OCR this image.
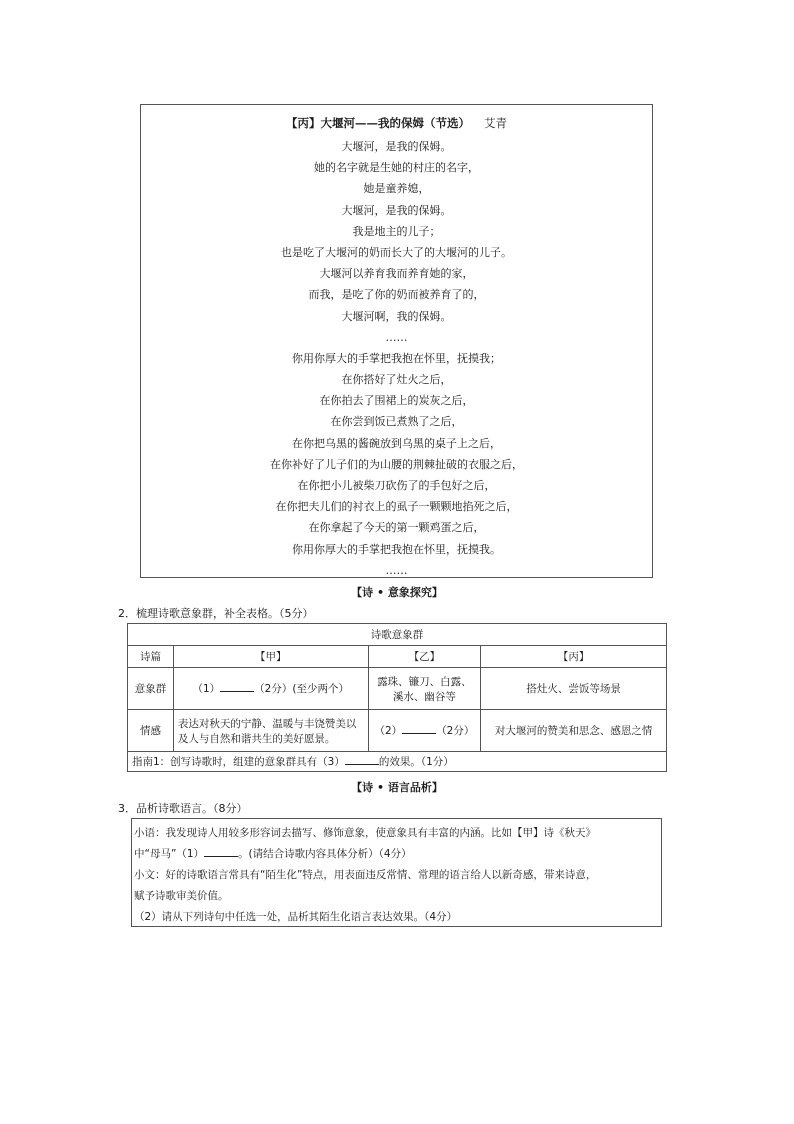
【丙】大堰河——我的保姆（节选） 艾青
大堰河，是我的保姆。
她的名字就是生她的村庄的名字，
她是童养媳，
大堰河，是我的保姆。
我是地主的儿子；
也是吃了大堰河的奶而长大了的大堰河的儿子。
大堰河以养育我而养育她的家，
而我，是吃了你的奶而被养育了的，
大堰河啊，我的保姆。
……
你用你厚大的手掌把我抱在怀里，抚摸我；
在你搭好了灶火之后，
在你拍去了围裙上的炭灰之后，
在你尝到饭已煮熟了之后，
在你把乌黑的酱碗放到乌黑的桌子上之后，
在你补好了儿子们的为山腰的荆棘扯破的衣服之后，
在你把小儿被柴刀砍伤了的手包好之后，
在你把夫儿们的衬衣上的虱子一颗颗地掐死之后，
在你拿起了今天的第一颗鸡蛋之后，
你用你厚大的手掌把我抱在怀里，抚摸我。
……
【诗 • 意象探究】
2．梳理诗歌意象群，补全表格。（5分）
诗歌意象群			
诗篇	【甲】	【乙】	【丙】
意象群	（1） （2分）(至少两个）	露珠、镰刀、白露、溪水、幽谷等	搭灶火、尝饭等场景
情感	表达对秋天的宁静、温暖与丰饶赞美以及人与自然和谐共生的美好愿景。	（2） （2分）	对大堰河的赞美和思念、感恩之情
指南1：创写诗歌时，组建的意象群具有（3） 的效果。（1分）			
【诗 • 语言品析】
3．品析诗歌语言。（8分）

小语：我发现诗人用较多形容词去描写、修饰意象，使意象具有丰富的内涵。比如【甲】诗《秋天》

中“母马”（1）	。(请结合诗歌内容具体分析）（4分）

小文：好的诗歌语言常具有“陌生化”特点，用表面违反常情、常理的语言给人以新奇感，带来诗意，

赋予诗歌审美价值。

（2）请从下列诗句中任选一处，品析其陌生化语言表达效果。（4分）
